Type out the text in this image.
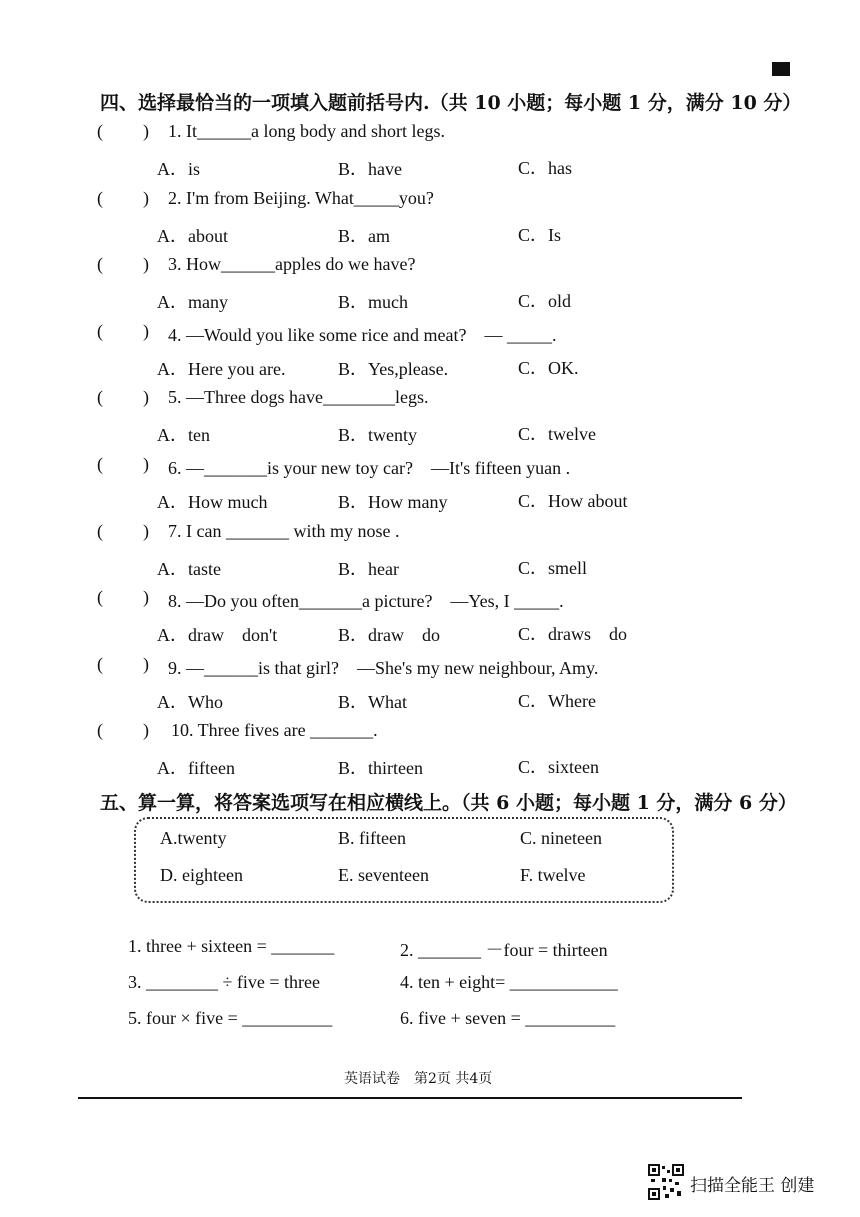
四、选择最恰当的一项填入题前括号内.（共 10 小题；每小题 1 分，满分 10 分）
( ) 1. It______a long body and short legs.
A．is	B．have	C．has
( ) 2. I'm from Beijing. What_____you?
A．about	B．am	C．Is
( ) 3. How______apples do we have?
A．many	B．much	C．old
( ) 4. —Would you like some rice and meat?　— _____.
A．Here you are.	B．Yes,please.	C．OK.
( ) 5. —Three dogs have________legs.
A．ten	B．twenty	C．twelve
( ) 6. —_______is your new toy car?　—It's fifteen yuan .
A．How much	B．How many	C．How about
( ) 7. I can _______ with my nose .
A．taste	B．hear	C．smell
( ) 8. —Do you often_______a picture?　—Yes, I _____.
A．draw　don't	B．draw　do	C．draws　do
( ) 9. —______is that girl?　—She's my new neighbour, Amy.
A．Who	B．What	C．Where
( ) 10. Three fives are _______.
A．fifteen	B．thirteen	C．sixteen
五、算一算，将答案选项写在相应横线上。（共 6 小题；每小题 1 分，满分 6 分）
A.twenty	B. fifteen	C. nineteen
D. eighteen	E. seventeen	F. twelve
1. three + sixteen = _______	2. _______ －four = thirteen
3. ________ ÷ five = three	4. ten + eight= ____________
5. four × five = __________	6. five + seven = __________
英语试卷　第2页 共4页
扫描全能王 创建
